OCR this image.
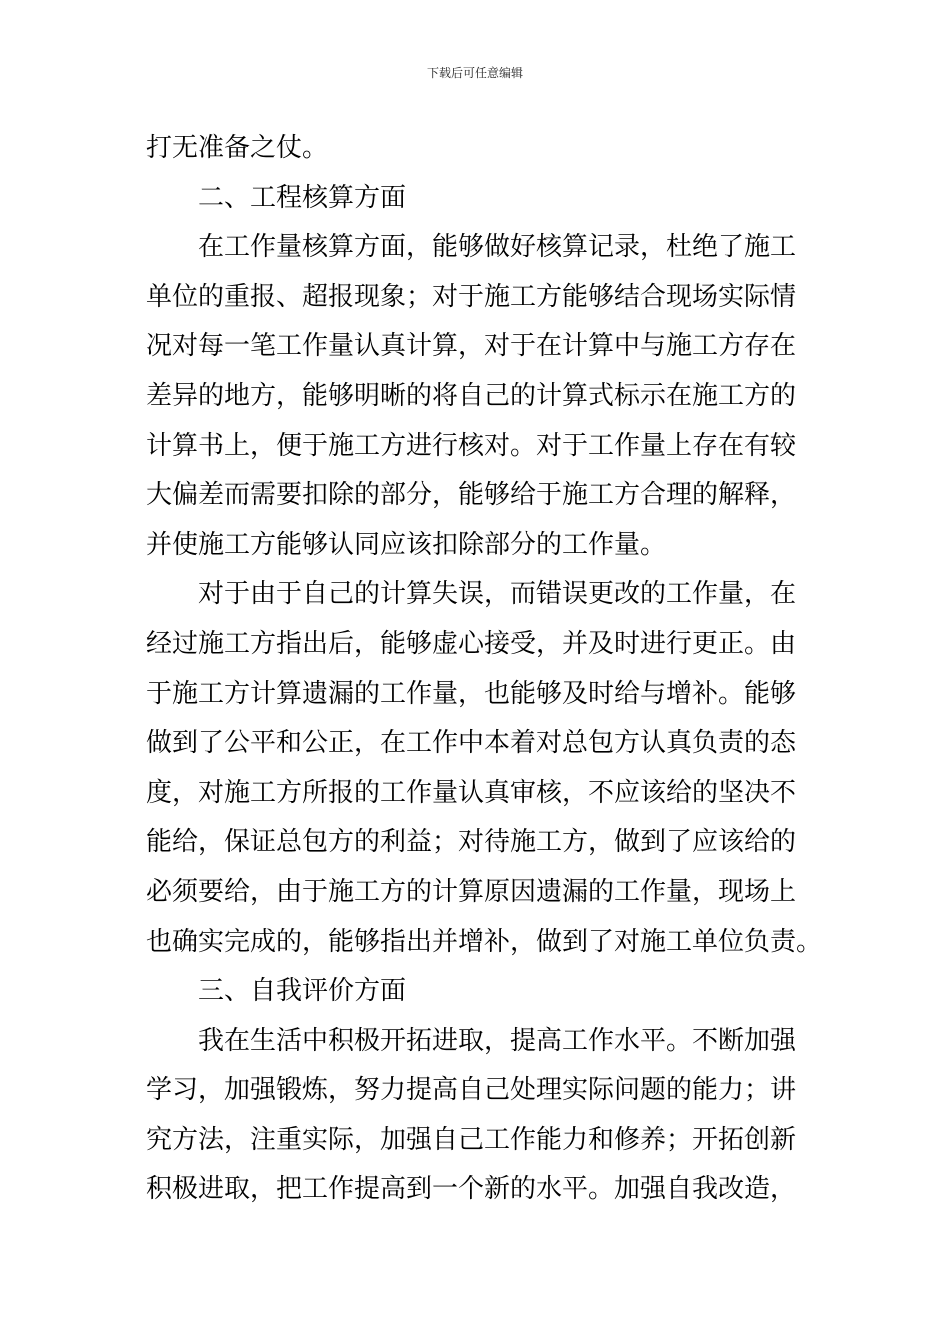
下载后可任意编辑
打无准备之仗。
二、工程核算方面
在工作量核算方面，能够做好核算记录，杜绝了施工
单位的重报、超报现象；对于施工方能够结合现场实际情
况对每一笔工作量认真计算，对于在计算中与施工方存在
差异的地方，能够明晰的将自己的计算式标示在施工方的
计算书上，便于施工方进行核对。对于工作量上存在有较
大偏差而需要扣除的部分，能够给于施工方合理的解释，
并使施工方能够认同应该扣除部分的工作量。
对于由于自己的计算失误，而错误更改的工作量，在
经过施工方指出后，能够虚心接受，并及时进行更正。由
于施工方计算遗漏的工作量，也能够及时给与增补。能够
做到了公平和公正，在工作中本着对总包方认真负责的态
度，对施工方所报的工作量认真审核，不应该给的坚决不
能给，保证总包方的利益；对待施工方，做到了应该给的
必须要给，由于施工方的计算原因遗漏的工作量，现场上
也确实完成的，能够指出并增补，做到了对施工单位负责。
三、自我评价方面
我在生活中积极开拓进取，提高工作水平。不断加强
学习，加强锻炼，努力提高自己处理实际问题的能力；讲
究方法，注重实际，加强自己工作能力和修养；开拓创新
积极进取，把工作提高到一个新的水平。加强自我改造，
